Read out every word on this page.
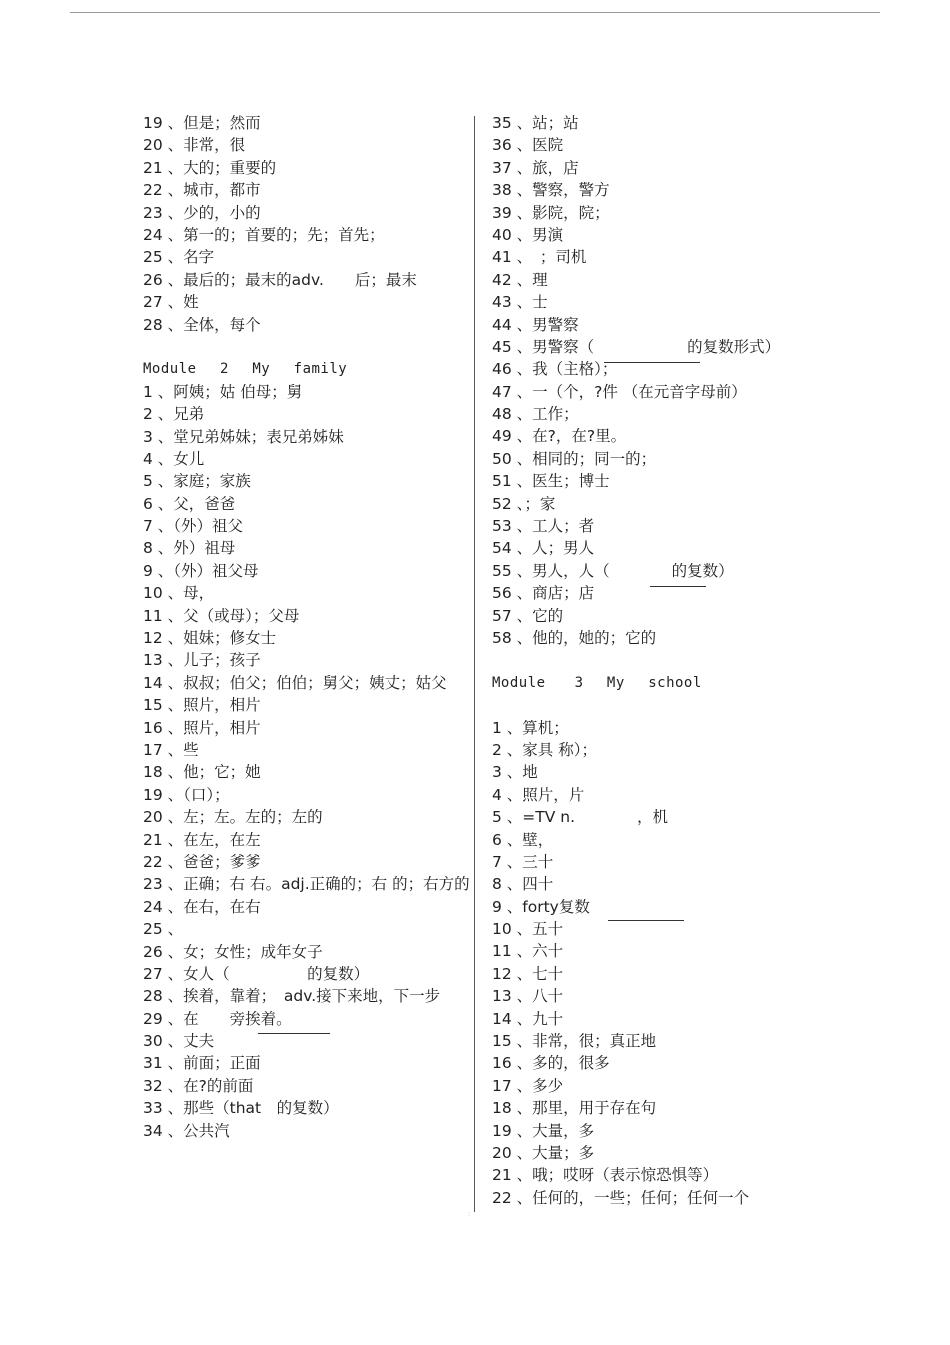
19 、但是；然而
20 、非常，很
21 、大的；重要的
22 、城市，都市
23 、少的，小的
24 、第一的；首要的；先；首先；
25 、名字
26 、最后的；最末的adv.　　后；最末
27 、姓
28 、全体，每个
Module　 2　 My　 family
1 、阿姨；姑 伯母；舅
2 、兄弟
3 、堂兄弟姊妹；表兄弟姊妹
4 、女儿
5 、家庭；家族
6 、父，爸爸
7 、（外）祖父
8 、外）祖母
9 、（外）祖父母
10 、母，
11 、父（或母）；父母
12 、姐妹；修女士
13 、儿子；孩子
14 、叔叔；伯父；伯伯；舅父；姨丈；姑父
15 、照片，相片
16 、照片，相片
17 、些
18 、他；它；她
19 、（口）；
20 、左；左。左的；左的
21 、在左，在左
22 、爸爸；爹爹
23 、正确；右 右。adj.正确的；右 的；右方的
24 、在右，在右
25 、
26 、女；女性；成年女子
27 、女人（　　　　　的复数）
28 、挨着，靠着；　adv.接下来地，下一步
29 、在　　旁挨着。
30 、丈夫
31 、前面；正面
32 、在?的前面
33 、那些（that　的复数）
34 、公共汽
35 、站；站
36 、医院
37 、旅，店
38 、警察，警方
39 、影院，院；
40 、男演
41 、　；司机
42 、理
43 、士
44 、男警察
45 、男警察（　　　　　　的复数形式）
46 、我（主格）；
47 、一（个，?件 （在元音字母前）
48 、工作；
49 、在?，在?里。
50 、相同的；同一的；
51 、医生；博士
52 、；家
53 、工人；者
54 、人；男人
55 、男人，人（　　　　的复数）
56 、商店；店
57 、它的
58 、他的，她的；它的
Module　　3　 My　 school
1 、算机；
2 、家具 称）；
3 、地
4 、照片，片
5 、=TV n.　　　　，机
6 、壁，
7 、三十
8 、四十
9 、forty复数
10 、五十
11 、六十
12 、七十
13 、八十
14 、九十
15 、非常，很；真正地
16 、多的，很多
17 、多少
18 、那里，用于存在句
19 、大量，多
20 、大量；多
21 、哦；哎呀（表示惊恐惧等）
22 、任何的，一些；任何；任何一个
:
